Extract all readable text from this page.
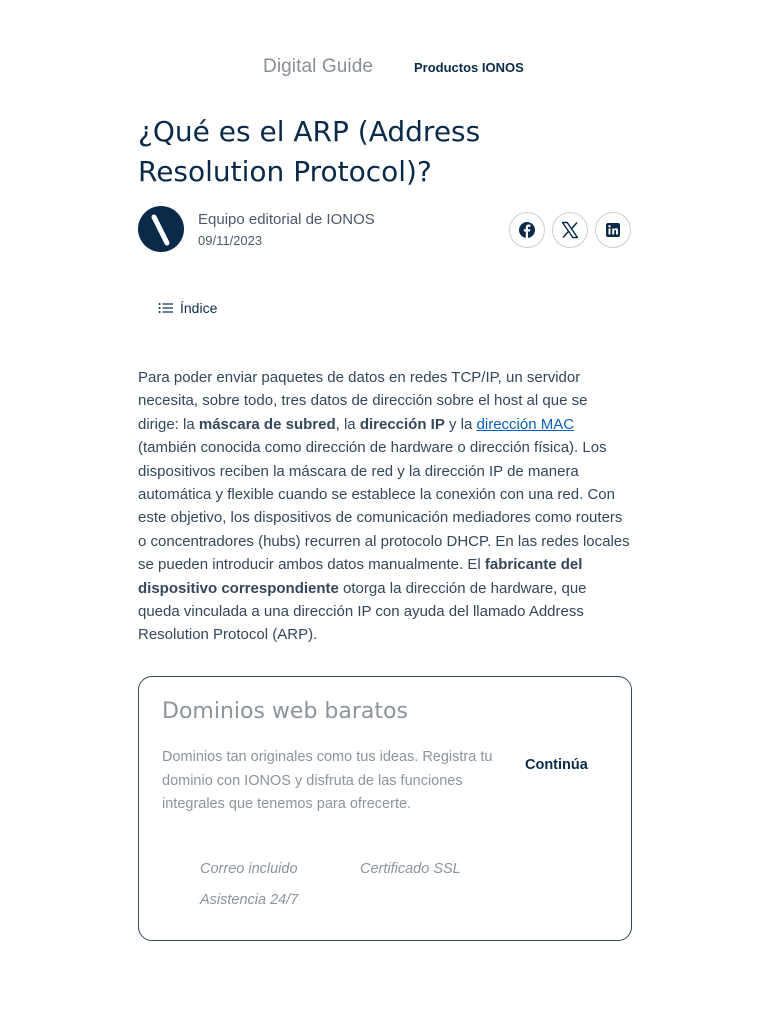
Digital Guide	Productos IONOS
¿Qué es el ARP (Address Resolution Protocol)?
Equipo editorial de IONOS
09/11/2023
Índice

Para poder enviar paquetes de datos en redes TCP/IP, un servidor necesita, sobre todo, tres datos de dirección sobre el host al que se dirige: la máscara de subred, la dirección IP y la dirección MAC (también conocida como dirección de hardware o dirección física). Los dispositivos reciben la máscara de red y la dirección IP de manera automática y flexible cuando se establece la conexión con una red. Con este objetivo, los dispositivos de comunicación mediadores como routers o concentradores (hubs) recurren al protocolo DHCP. En las redes locales se pueden introducir ambos datos manualmente. El fabricante del dispositivo correspondiente otorga la dirección de hardware, que queda vinculada a una dirección IP con ayuda del llamado Address Resolution Protocol (ARP).

Dominios web baratos
Dominios tan originales como tus ideas. Registra tu dominio con IONOS y disfruta de las funciones integrales que tenemos para ofrecerte.
Continúa
Correo incluido	Certificado SSL
Asistencia 24/7
